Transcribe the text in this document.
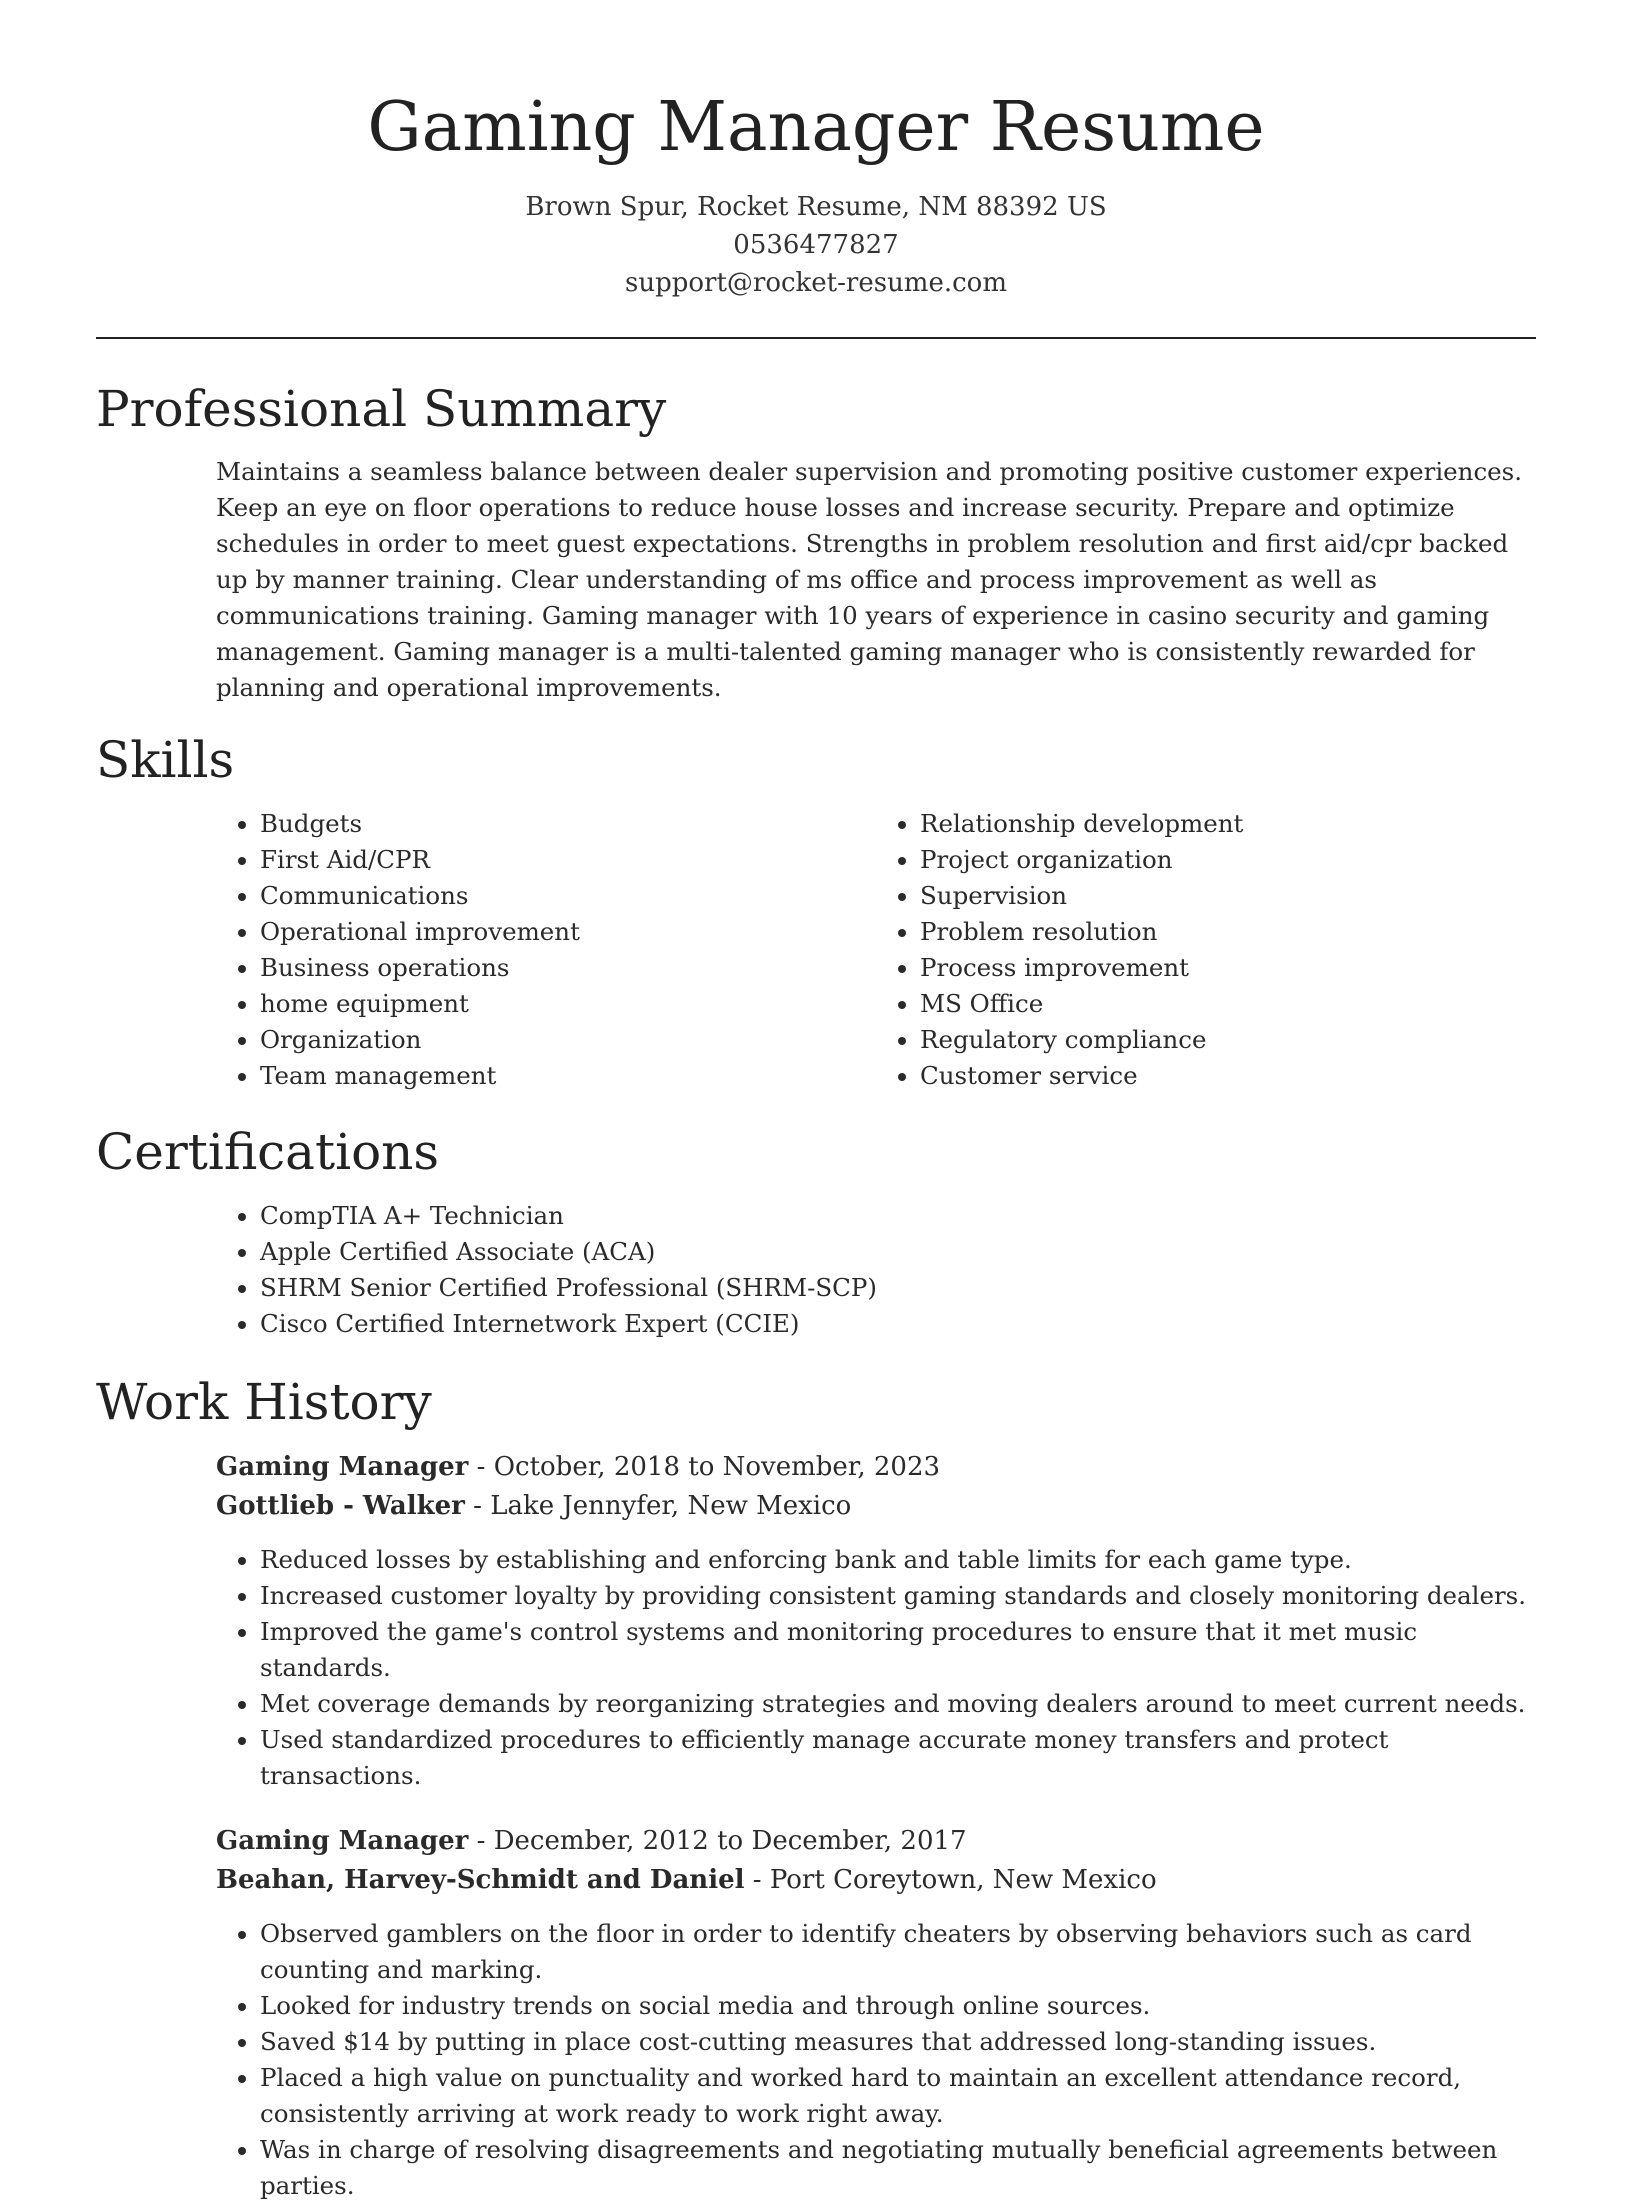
Gaming Manager Resume
Brown Spur, Rocket Resume, NM 88392 US
0536477827
support@rocket-resume.com
Professional Summary
Maintains a seamless balance between dealer supervision and promoting positive customer experiences. Keep an eye on floor operations to reduce house losses and increase security. Prepare and optimize schedules in order to meet guest expectations. Strengths in problem resolution and first aid/cpr backed up by manner training. Clear understanding of ms office and process improvement as well as communications training. Gaming manager with 10 years of experience in casino security and gaming management. Gaming manager is a multi-talented gaming manager who is consistently rewarded for planning and operational improvements.
Skills
• Budgets
• First Aid/CPR
• Communications
• Operational improvement
• Business operations
• home equipment
• Organization
• Team management
• Relationship development
• Project organization
• Supervision
• Problem resolution
• Process improvement
• MS Office
• Regulatory compliance
• Customer service
Certifications
• CompTIA A+ Technician
• Apple Certified Associate (ACA)
• SHRM Senior Certified Professional (SHRM-SCP)
• Cisco Certified Internetwork Expert (CCIE)
Work History
Gaming Manager - October, 2018 to November, 2023
Gottlieb - Walker - Lake Jennyfer, New Mexico
• Reduced losses by establishing and enforcing bank and table limits for each game type.
• Increased customer loyalty by providing consistent gaming standards and closely monitoring dealers.
• Improved the game's control systems and monitoring procedures to ensure that it met music standards.
• Met coverage demands by reorganizing strategies and moving dealers around to meet current needs.
• Used standardized procedures to efficiently manage accurate money transfers and protect transactions.
Gaming Manager - December, 2012 to December, 2017
Beahan, Harvey-Schmidt and Daniel - Port Coreytown, New Mexico
• Observed gamblers on the floor in order to identify cheaters by observing behaviors such as card counting and marking.
• Looked for industry trends on social media and through online sources.
• Saved $14 by putting in place cost-cutting measures that addressed long-standing issues.
• Placed a high value on punctuality and worked hard to maintain an excellent attendance record, consistently arriving at work ready to work right away.
• Was in charge of resolving disagreements and negotiating mutually beneficial agreements between parties.
